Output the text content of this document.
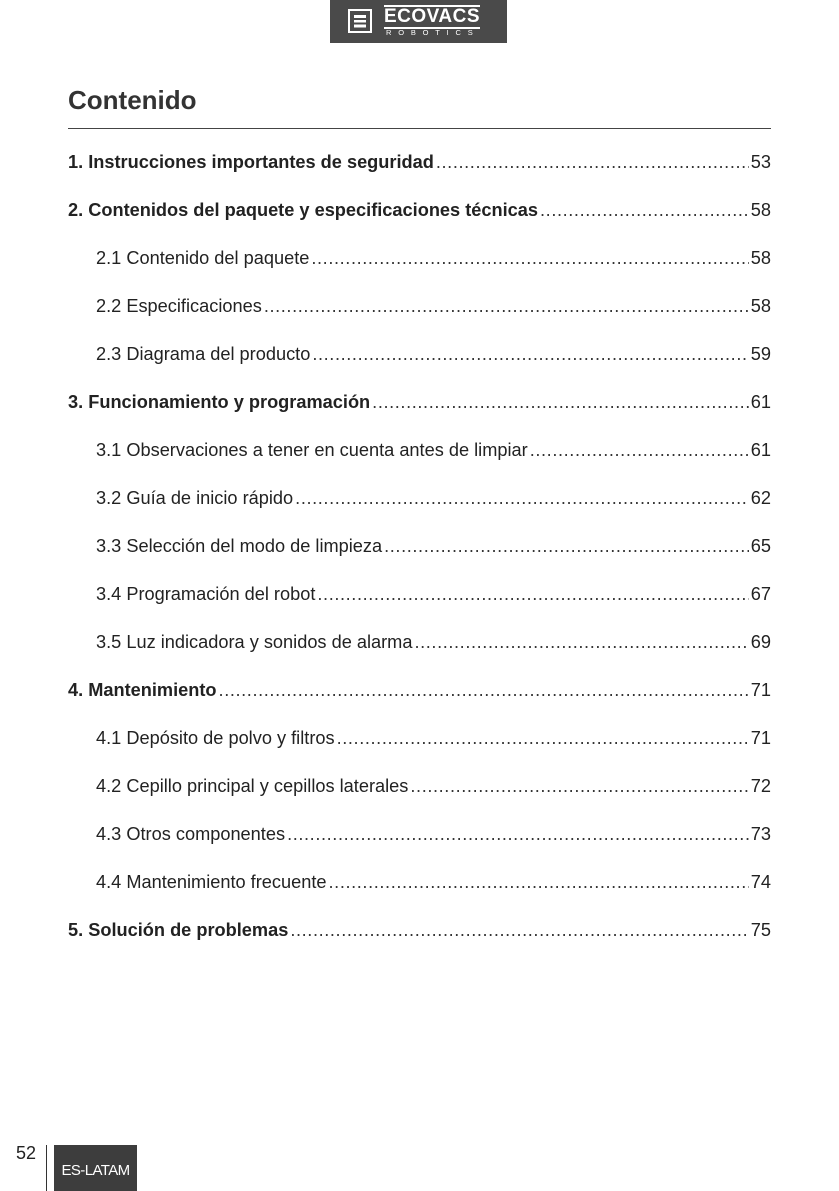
ECOVACS
ROBOTICS
Contenido
1. Instrucciones importantes de seguridad .....	53
2. Contenidos del paquete y especificaciones técnicas .....	58
2.1 Contenido del paquete .....	58
2.2 Especificaciones .....	58
2.3 Diagrama del producto .....	59
3. Funcionamiento y programación .....	61
3.1 Observaciones a tener en cuenta antes de limpiar .....	61
3.2 Guía de inicio rápido .....	62
3.3 Selección del modo de limpieza .....	65
3.4 Programación del robot .....	67
3.5 Luz indicadora y sonidos de alarma .....	69
4. Mantenimiento .....	71
4.1 Depósito de polvo y filtros .....	71
4.2 Cepillo principal y cepillos laterales .....	72
4.3 Otros componentes .....	73
4.4 Mantenimiento frecuente .....	74
5. Solución de problemas .....	75
52
ES-LATAM
